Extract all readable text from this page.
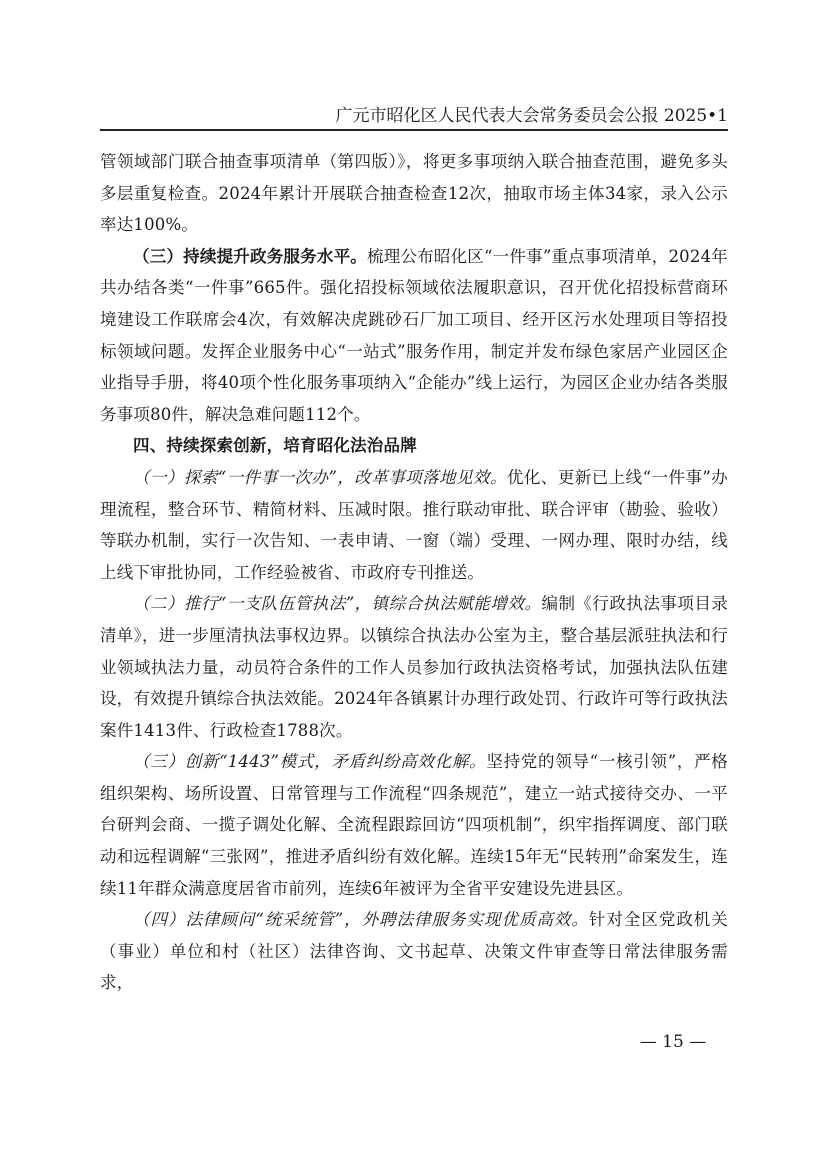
广元市昭化区人民代表大会常务委员会公报 2025•1

管领域部门联合抽查事项清单（第四版）》，将更多事项纳入联合抽查范围，避免多头多层重复检查。2024年累计开展联合抽查检查12次，抽取市场主体34家，录入公示率达100%。

（三）持续提升政务服务水平。梳理公布昭化区“一件事”重点事项清单，2024年共办结各类“一件事”665件。强化招投标领域依法履职意识，召开优化招投标营商环境建设工作联席会4次，有效解决虎跳砂石厂加工项目、经开区污水处理项目等招投标领域问题。发挥企业服务中心“一站式”服务作用，制定并发布绿色家居产业园区企业指导手册，将40项个性化服务事项纳入“企能办”线上运行，为园区企业办结各类服务事项80件，解决急难问题112个。

四、持续探索创新，培育昭化法治品牌

（一）探索“一件事一次办”，改革事项落地见效。优化、更新已上线“一件事”办理流程，整合环节、精简材料、压减时限。推行联动审批、联合评审（勘验、验收）等联办机制，实行一次告知、一表申请、一窗（端）受理、一网办理、限时办结，线上线下审批协同，工作经验被省、市政府专刊推送。

（二）推行“一支队伍管执法”，镇综合执法赋能增效。编制《行政执法事项目录清单》，进一步厘清执法事权边界。以镇综合执法办公室为主，整合基层派驻执法和行业领域执法力量，动员符合条件的工作人员参加行政执法资格考试，加强执法队伍建设，有效提升镇综合执法效能。2024年各镇累计办理行政处罚、行政许可等行政执法案件1413件、行政检查1788次。

（三）创新“1443”模式，矛盾纠纷高效化解。坚持党的领导“一核引领”，严格组织架构、场所设置、日常管理与工作流程“四条规范”，建立一站式接待交办、一平台研判会商、一揽子调处化解、全流程跟踪回访“四项机制”，织牢指挥调度、部门联动和远程调解“三张网”，推进矛盾纠纷有效化解。连续15年无“民转刑”命案发生，连续11年群众满意度居省市前列，连续6年被评为全省平安建设先进县区。

（四）法律顾问“统采统管”，外聘法律服务实现优质高效。针对全区党政机关（事业）单位和村（社区）法律咨询、文书起草、决策文件审查等日常法律服务需求，

— 15 —
